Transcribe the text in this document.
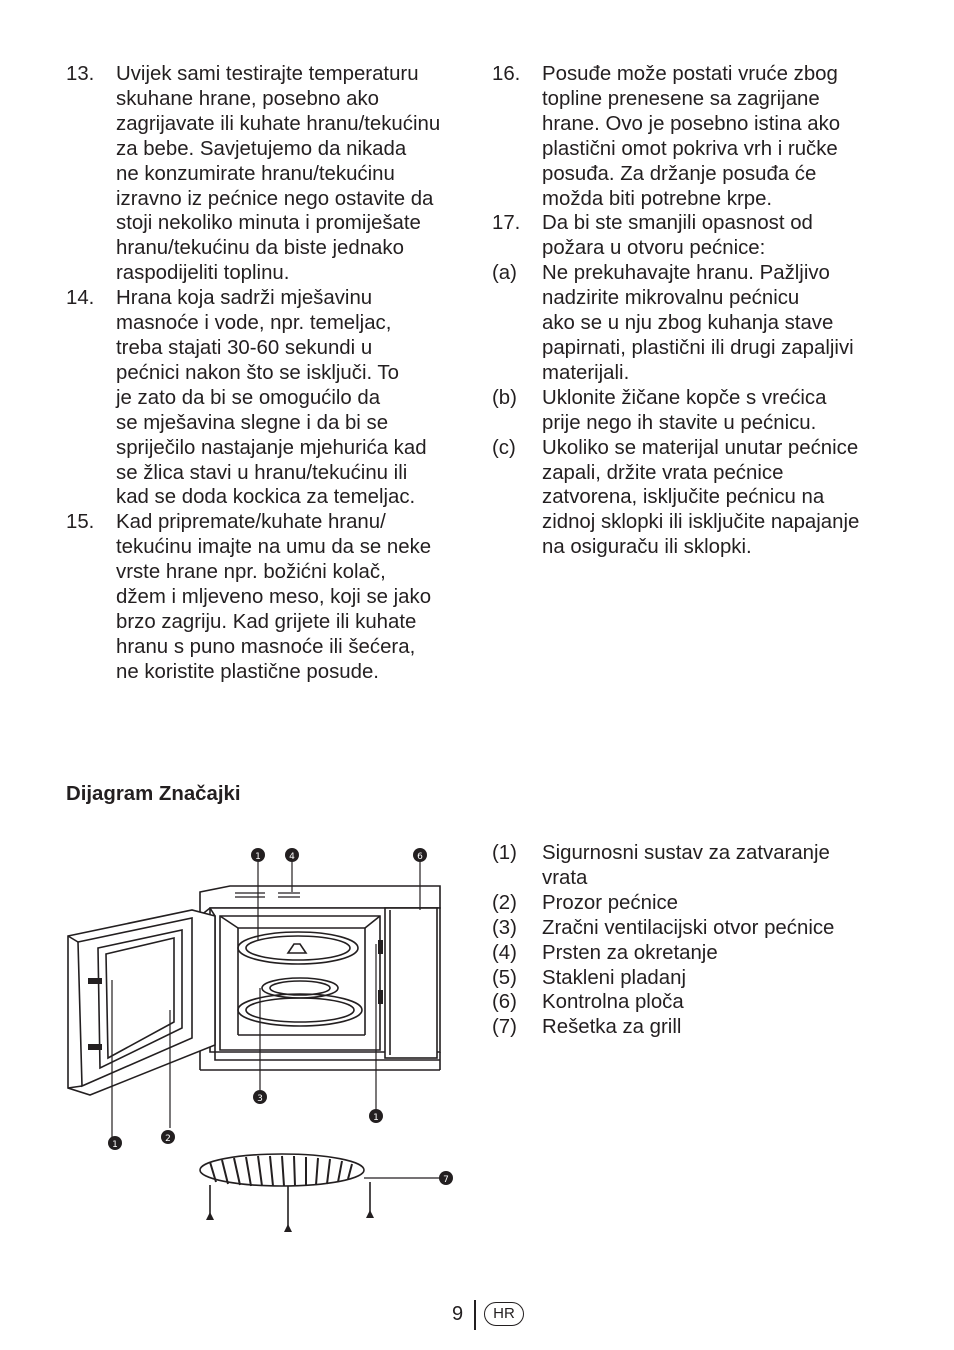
13.	Uvijek sami testirajte temperaturu
skuhane hrane, posebno ako
zagrijavate ili kuhate hranu/tekućinu
za bebe. Savjetujemo da nikada
ne konzumirate hranu/tekućinu
izravno iz pećnice nego ostavite da
stoji nekoliko minuta i promiješate
hranu/tekućinu da biste jednako
raspodijeliti toplinu.
14.	Hrana koja sadrži mješavinu
masnoće i vode, npr. temeljac,
treba stajati 30-60 sekundi u
pećnici nakon što se isključi. To
je zato da bi se omogućilo da
se mješavina slegne i da bi se
spriječilo nastajanje mjehurića kad
se žlica stavi u hranu/tekućinu ili
kad se doda kockica za temeljac.
15.	Kad pripremate/kuhate hranu/
tekućinu imajte na umu da se neke
vrste hrane npr. božićni kolač,
džem i mljeveno meso, koji se jako
brzo zagriju. Kad grijete ili kuhate
hranu s puno masnoće ili šećera,
ne koristite plastične posude.
16.	Posuđe može postati vruće zbog
topline prenesene sa zagrijane
hrane. Ovo je posebno istina ako
plastični omot pokriva vrh i ručke
posuđa. Za držanje posuđa će
možda biti potrebne krpe.
17.	Da bi ste smanjili opasnost od
požara u otvoru pećnice:
(a)	Ne prekuhavajte hranu. Pažljivo
nadzirite mikrovalnu pećnicu
ako se u nju zbog kuhanja stave
papirnati, plastični ili drugi zapaljivi
materijali.
(b)	Uklonite žičane kopče s vrećica
prije nego ih stavite u pećnicu.
(c)	Ukoliko se materijal unutar pećnice
zapali, držite vrata pećnice
zatvorena, isključite pećnicu na
zidnoj sklopki ili isključite napajanje
na osiguraču ili sklopki.
Dijagram Značajki
1	4	6
2
1
3
1
7
(1)	Sigurnosni sustav za zatvaranje
vrata
(2)	Prozor pećnice
(3)	Zračni ventilacijski otvor pećnice
(4)	Prsten za okretanje
(5)	Stakleni pladanj
(6)	Kontrolna ploča
(7)	Rešetka za grill
9	HR
